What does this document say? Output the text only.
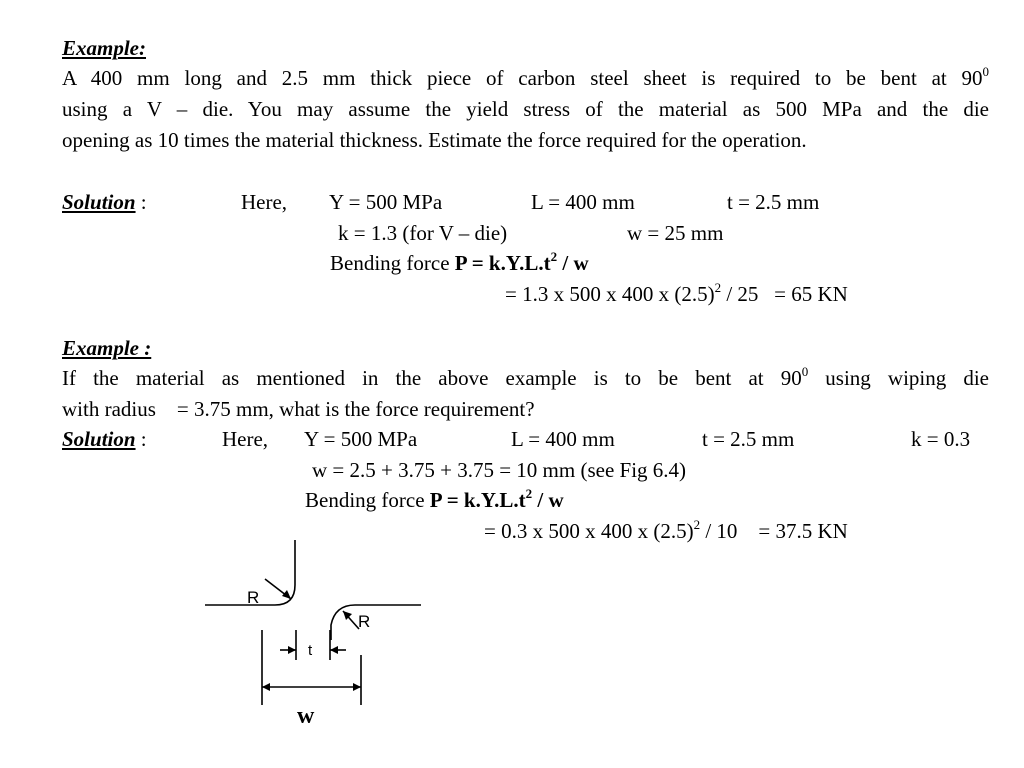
Example:
A 400 mm long and 2.5 mm thick piece of carbon steel sheet is required to be bent at $90^0$
using a V – die. You may assume the yield stress of the material as 500 MPa and the die
opening as 10 times the material thickness. Estimate the force required for the operation.
Solution :	Here, Y = 500 MPa	L = 400 mm	t = 2.5 mm
k = 1.3 (for V – die)	w = 25 mm
Bending force $P = k.Y.L.t^2 / w$
= 1.3 x 500 x 400 x $(2.5)^2 / 25 = 65$ KN
Example :
If the material as mentioned in the above example is to be bent at $90^0$ using wiping die
with radius    = 3.75 mm, what is the force requirement?
Solution :	Here, Y = 500 MPa	L = 400 mm	t = 2.5 mm	k = 0.3
w = 2.5 + 3.75 + 3.75 = 10 mm (see Fig 6.4)
Bending force $P = k.Y.L.t^2 / w$
= 0.3 x 500 x 400 x $(2.5)^2 / 10$    = 37.5 KN
R
R
t
w
